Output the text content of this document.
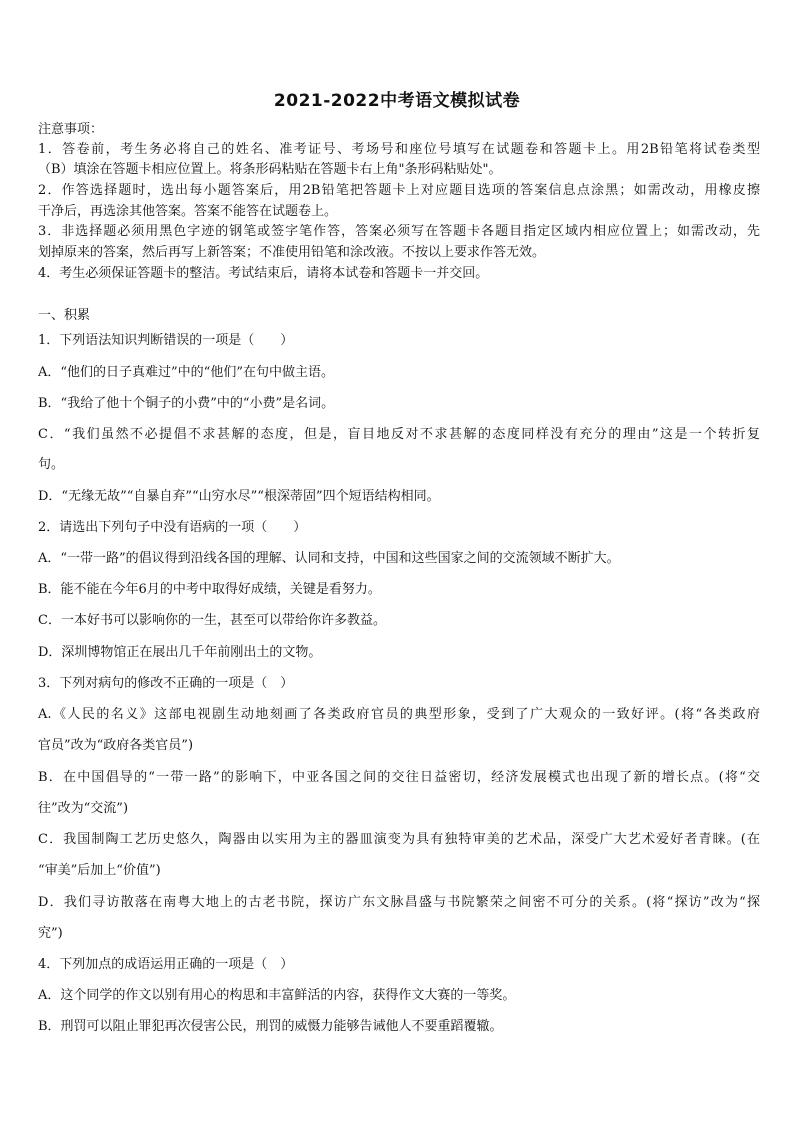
2021-2022中考语文模拟试卷
注意事项：
1．答卷前，考生务必将自己的姓名、准考证号、考场号和座位号填写在试题卷和答题卡上。用2B铅笔将试卷类型
（B）填涂在答题卡相应位置上。将条形码粘贴在答题卡右上角"条形码粘贴处"。
2．作答选择题时，选出每小题答案后，用2B铅笔把答题卡上对应题目选项的答案信息点涂黑；如需改动，用橡皮擦
干净后，再选涂其他答案。答案不能答在试题卷上。
3．非选择题必须用黑色字迹的钢笔或签字笔作答，答案必须写在答题卡各题目指定区域内相应位置上；如需改动，先
划掉原来的答案，然后再写上新答案；不准使用铅笔和涂改液。不按以上要求作答无效。
4．考生必须保证答题卡的整洁。考试结束后，请将本试卷和答题卡一并交回。
一、积累
1．下列语法知识判断错误的一项是（　　）
A．“他们的日子真难过”中的“他们”在句中做主语。
B．“我给了他十个铜子的小费”中的“小费”是名词。
C．“我们虽然不必提倡不求甚解的态度，但是，盲目地反对不求甚解的态度同样没有充分的理由”这是一个转折复
句。
D．“无缘无故”“自暴自弃”“山穷水尽”“根深蒂固”四个短语结构相同。
2．请选出下列句子中没有语病的一项（　　）
A．“一带一路”的倡议得到沿线各国的理解、认同和支持，中国和这些国家之间的交流领域不断扩大。
B．能不能在今年6月的中考中取得好成绩，关键是看努力。
C．一本好书可以影响你的一生，甚至可以带给你许多教益。
D．深圳博物馆正在展出几千年前刚出土的文物。
3．下列对病句的修改不正确的一项是（　）
A.《人民的名义》这部电视剧生动地刻画了各类政府官员的典型形象，受到了广大观众的一致好评。(将“各类政府
官员”改为“政府各类官员”)
B．在中国倡导的“一带一路”的影响下，中亚各国之间的交往日益密切，经济发展模式也出现了新的增长点。(将“交
往”改为“交流”)
C．我国制陶工艺历史悠久，陶器由以实用为主的器皿演变为具有独特审美的艺术品，深受广大艺术爱好者青睐。(在
“审美”后加上“价值”)
D．我们寻访散落在南粤大地上的古老书院，探访广东文脉昌盛与书院繁荣之间密不可分的关系。(将“探访”改为“探
究”)
4．下列加点的成语运用正确的一项是（　）
A．这个同学的作文以别有用心的构思和丰富鲜活的内容，获得作文大赛的一等奖。
B．刑罚可以阻止罪犯再次侵害公民，刑罚的威慑力能够告诫他人不要重蹈覆辙。
